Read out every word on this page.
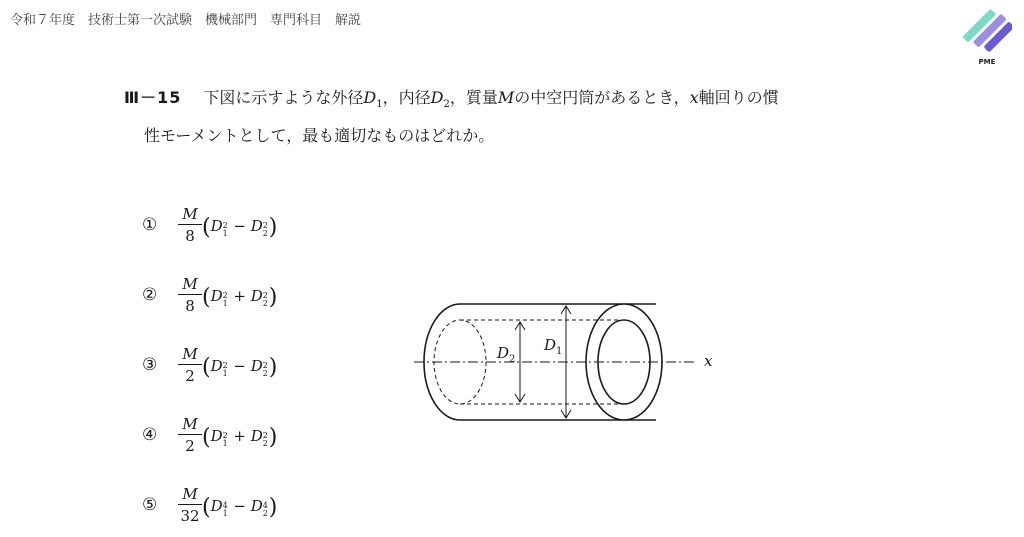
令和７年度　技術士第一次試験　機械部門　専門科目　解説
PME
Ⅲ－15 下図に示すような外径$D_1$，内径$D_2$，質量Mの中空円筒があるとき，x軸回りの慣
性モーメントとして，最も適切なものはどれか。
①
M
8 (D 2
1 − D 2
2 )
②
M
8 (D 2
1 + D 2
2 )
③
M
2 (D 2
1 − D 2
2 )
④
M
2 (D 2
1 + D 2
2 )
⑤
M
32 (D 4
1 − D 4
2 )
$D_2$
$D_1$
x
